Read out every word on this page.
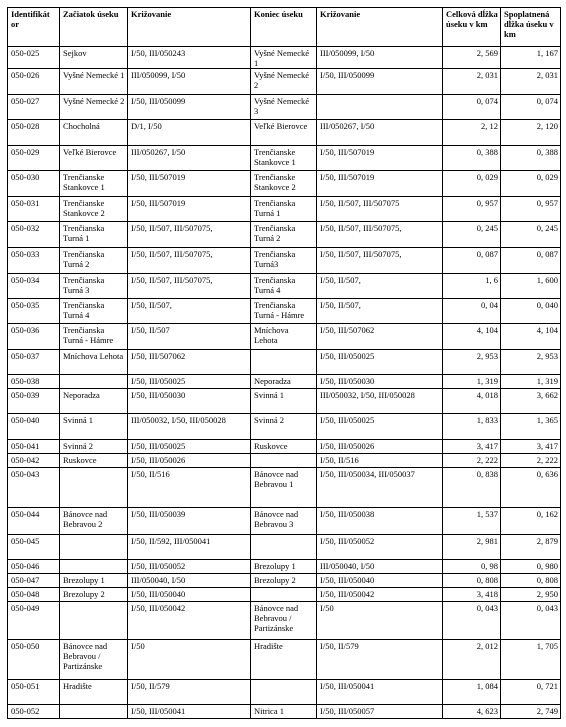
Identifikát or	Začiatok úseku	Križovanie	Koniec úseku	Križovanie	Celková dĺžka úseku v km	Spoplatnená dĺžka úseku v km
050-025	Sejkov	I/50, III/050243	Vyšné Nemecké 1	III/050099, I/50	2, 569	1, 167
050-026	Vyšné Nemecké 1	III/050099, I/50	Vyšné Nemecké 2	I/50, III/050099	2, 031	2, 031
050-027	Vyšné Nemecké 2	I/50, III/050099	Vyšné Nemecké 3		0, 074	0, 074
050-028	Chocholná	D/1, I/50	Veľké Bierovce	III/050267, I/50	2, 12	2, 120
050-029	Veľké Bierovce	III/050267, I/50	Trenčianske Stankovce 1	I/50, III/507019	0, 388	0, 388
050-030	Trenčianske Stankovce 1	I/50, III/507019	Trenčianske Stankovce 2	I/50, III/507019	0, 029	0, 029
050-031	Trenčianske Stankovce 2	I/50, III/507019	Trenčianska Turná 1	I/50, II/507, III/507075	0, 957	0, 957
050-032	Trenčianska Turná 1	I/50, II/507, III/507075,	Trenčianska Turná 2	I/50, II/507, III/507075,	0, 245	0, 245
050-033	Trenčianska Turná 2	I/50, II/507, III/507075,	Trenčianska Turná3	I/50, II/507, III/507075,	0, 087	0, 087
050-034	Trenčianska Turná 3	I/50, II/507, III/507075,	Trenčianska Turná 4	I/50, II/507,	1, 6	1, 600
050-035	Trenčianska Turná 4	I/50, II/507,	Trenčianska Turná - Hámre	I/50, II/507,	0, 04	0, 040
050-036	Trenčianska Turná - Hámre	I/50, II/507	Mníchova Lehota	I/50, III/507062	4, 104	4, 104
050-037	Mníchova Lehota	I/50, III/507062		I/50, III/050025	2, 953	2, 953
050-038		I/50, III/050025	Neporadza	I/50, III/050030	1, 319	1, 319
050-039	Neporadza	I/50, III/050030	Svinná 1	III/050032, I/50, III/050028	4, 018	3, 662
050-040	Svinná 1	III/050032, I/50, III/050028	Svinná 2	I/50, III/050025	1, 833	1, 365
050-041	Svinná 2	I/50, III/050025	Ruskovce	I/50, III/050026	3, 417	3, 417
050-042	Ruskovce	I/50, III/050026		I/50, II/516	2, 222	2, 222
050-043		I/50, II/516	Bánovce nad Bebravou 1	I/50, III/050034, III/050037	0, 838	0, 636
050-044	Bánovce nad Bebravou 2	I/50, III/050039	Bánovce nad Bebravou 3	I/50, III/050038	1, 537	0, 162
050-045		I/50, II/592, III/050041		I/50, III/050052	2, 981	2, 879
050-046		I/50, III/050052	Brezolupy 1	III/050040, I/50	0, 98	0, 980
050-047	Brezolupy 1	III/050040, I/50	Brezolupy 2	I/50, III/050040	0, 808	0, 808
050-048	Brezolupy 2	I/50, III/050040		I/50, III/050042	3, 418	2, 950
050-049		I/50, III/050042	Bánovce nad Bebravou / Partizánske	I/50	0, 043	0, 043
050-050	Bánovce nad Bebravou / Partizánske	I/50	Hradište	I/50, II/579	2, 012	1, 705
050-051	Hradište	I/50, II/579		I/50, III/050041	1, 084	0, 721
050-052		I/50, III/050041	Nitrica 1	I/50, III/050057	4, 623	2, 749
